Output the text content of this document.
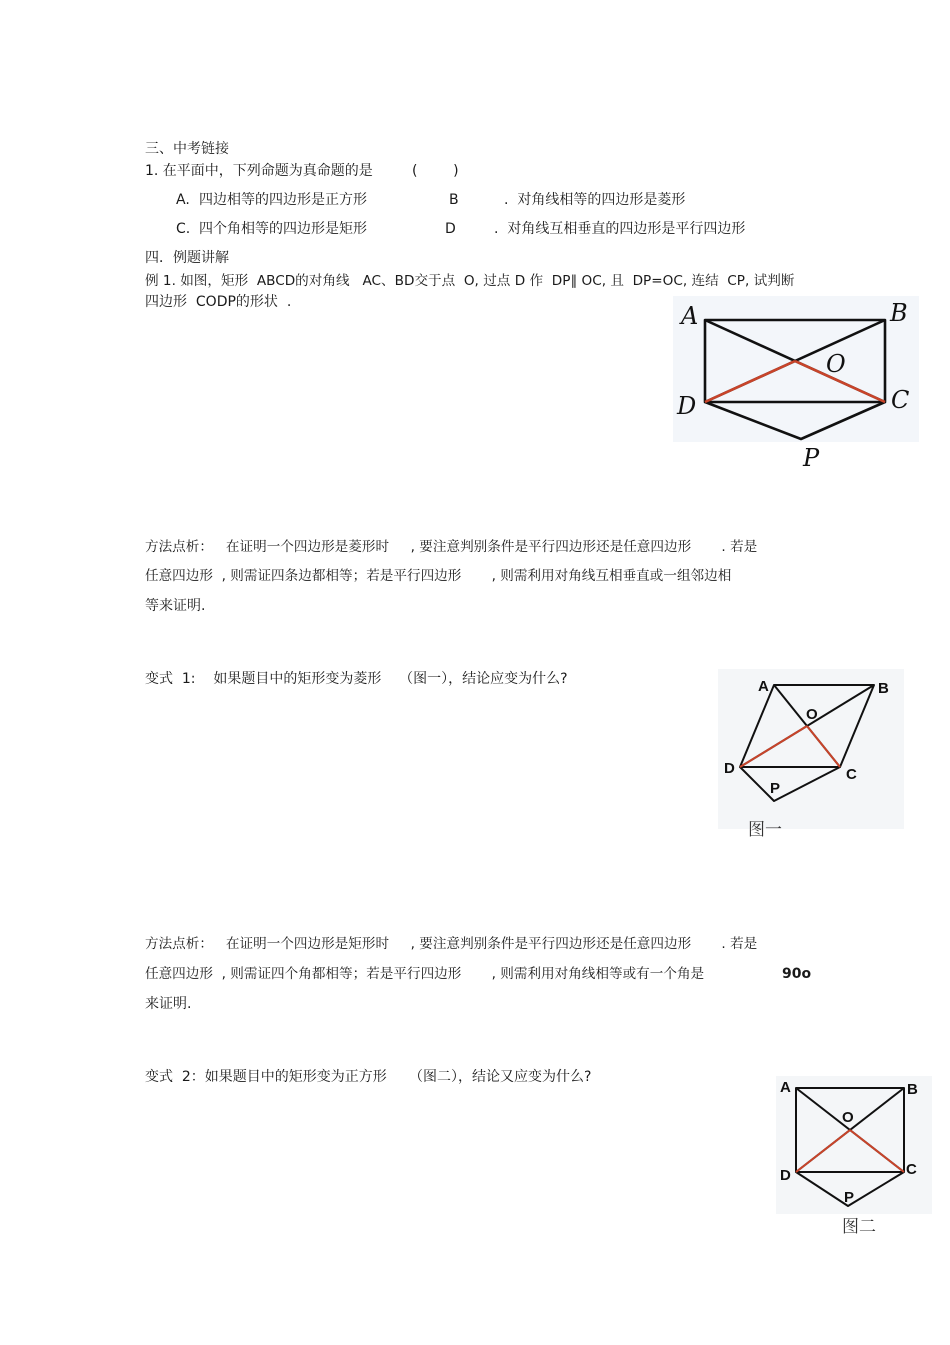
三、中考链接
1. 在平面中，下列命题为真命题的是	(        )
A. 四边相等的四边形是正方形	B	.  对角线相等的四边形是菱形
C. 四个角相等的四边形是矩形	D	.  对角线互相垂直的四边形是平行四边形
四．例题讲解
例 1. 如图，矩形  ABCD的对角线   AC、BD交于点  O, 过点 D 作  DP∥ OC, 且  DP=OC, 连结  CP, 试判断
四边形  CODP的形状  .	A	B
C
D
O
P
方法点析：   在证明一个四边形是菱形时     , 要注意判别条件是平行四边形还是任意四边形       . 若是
任意四边形  , 则需证四条边都相等；若是平行四边形       , 则需利用对角线互相垂直或一组邻边相
等来证明.
变式  1:    如果题目中的矩形变为菱形    （图一），结论应变为什么?	A	B
C
D
O
P
图一
方法点析：   在证明一个四边形是矩形时     , 要注意判别条件是平行四边形还是任意四边形       . 若是
任意四边形  , 则需证四个角都相等；若是平行四边形       , 则需利用对角线相等或有一个角是	90o
来证明.
变式  2：如果题目中的矩形变为正方形     （图二），结论又应变为什么?
A	B
C
D
O
P
图二
